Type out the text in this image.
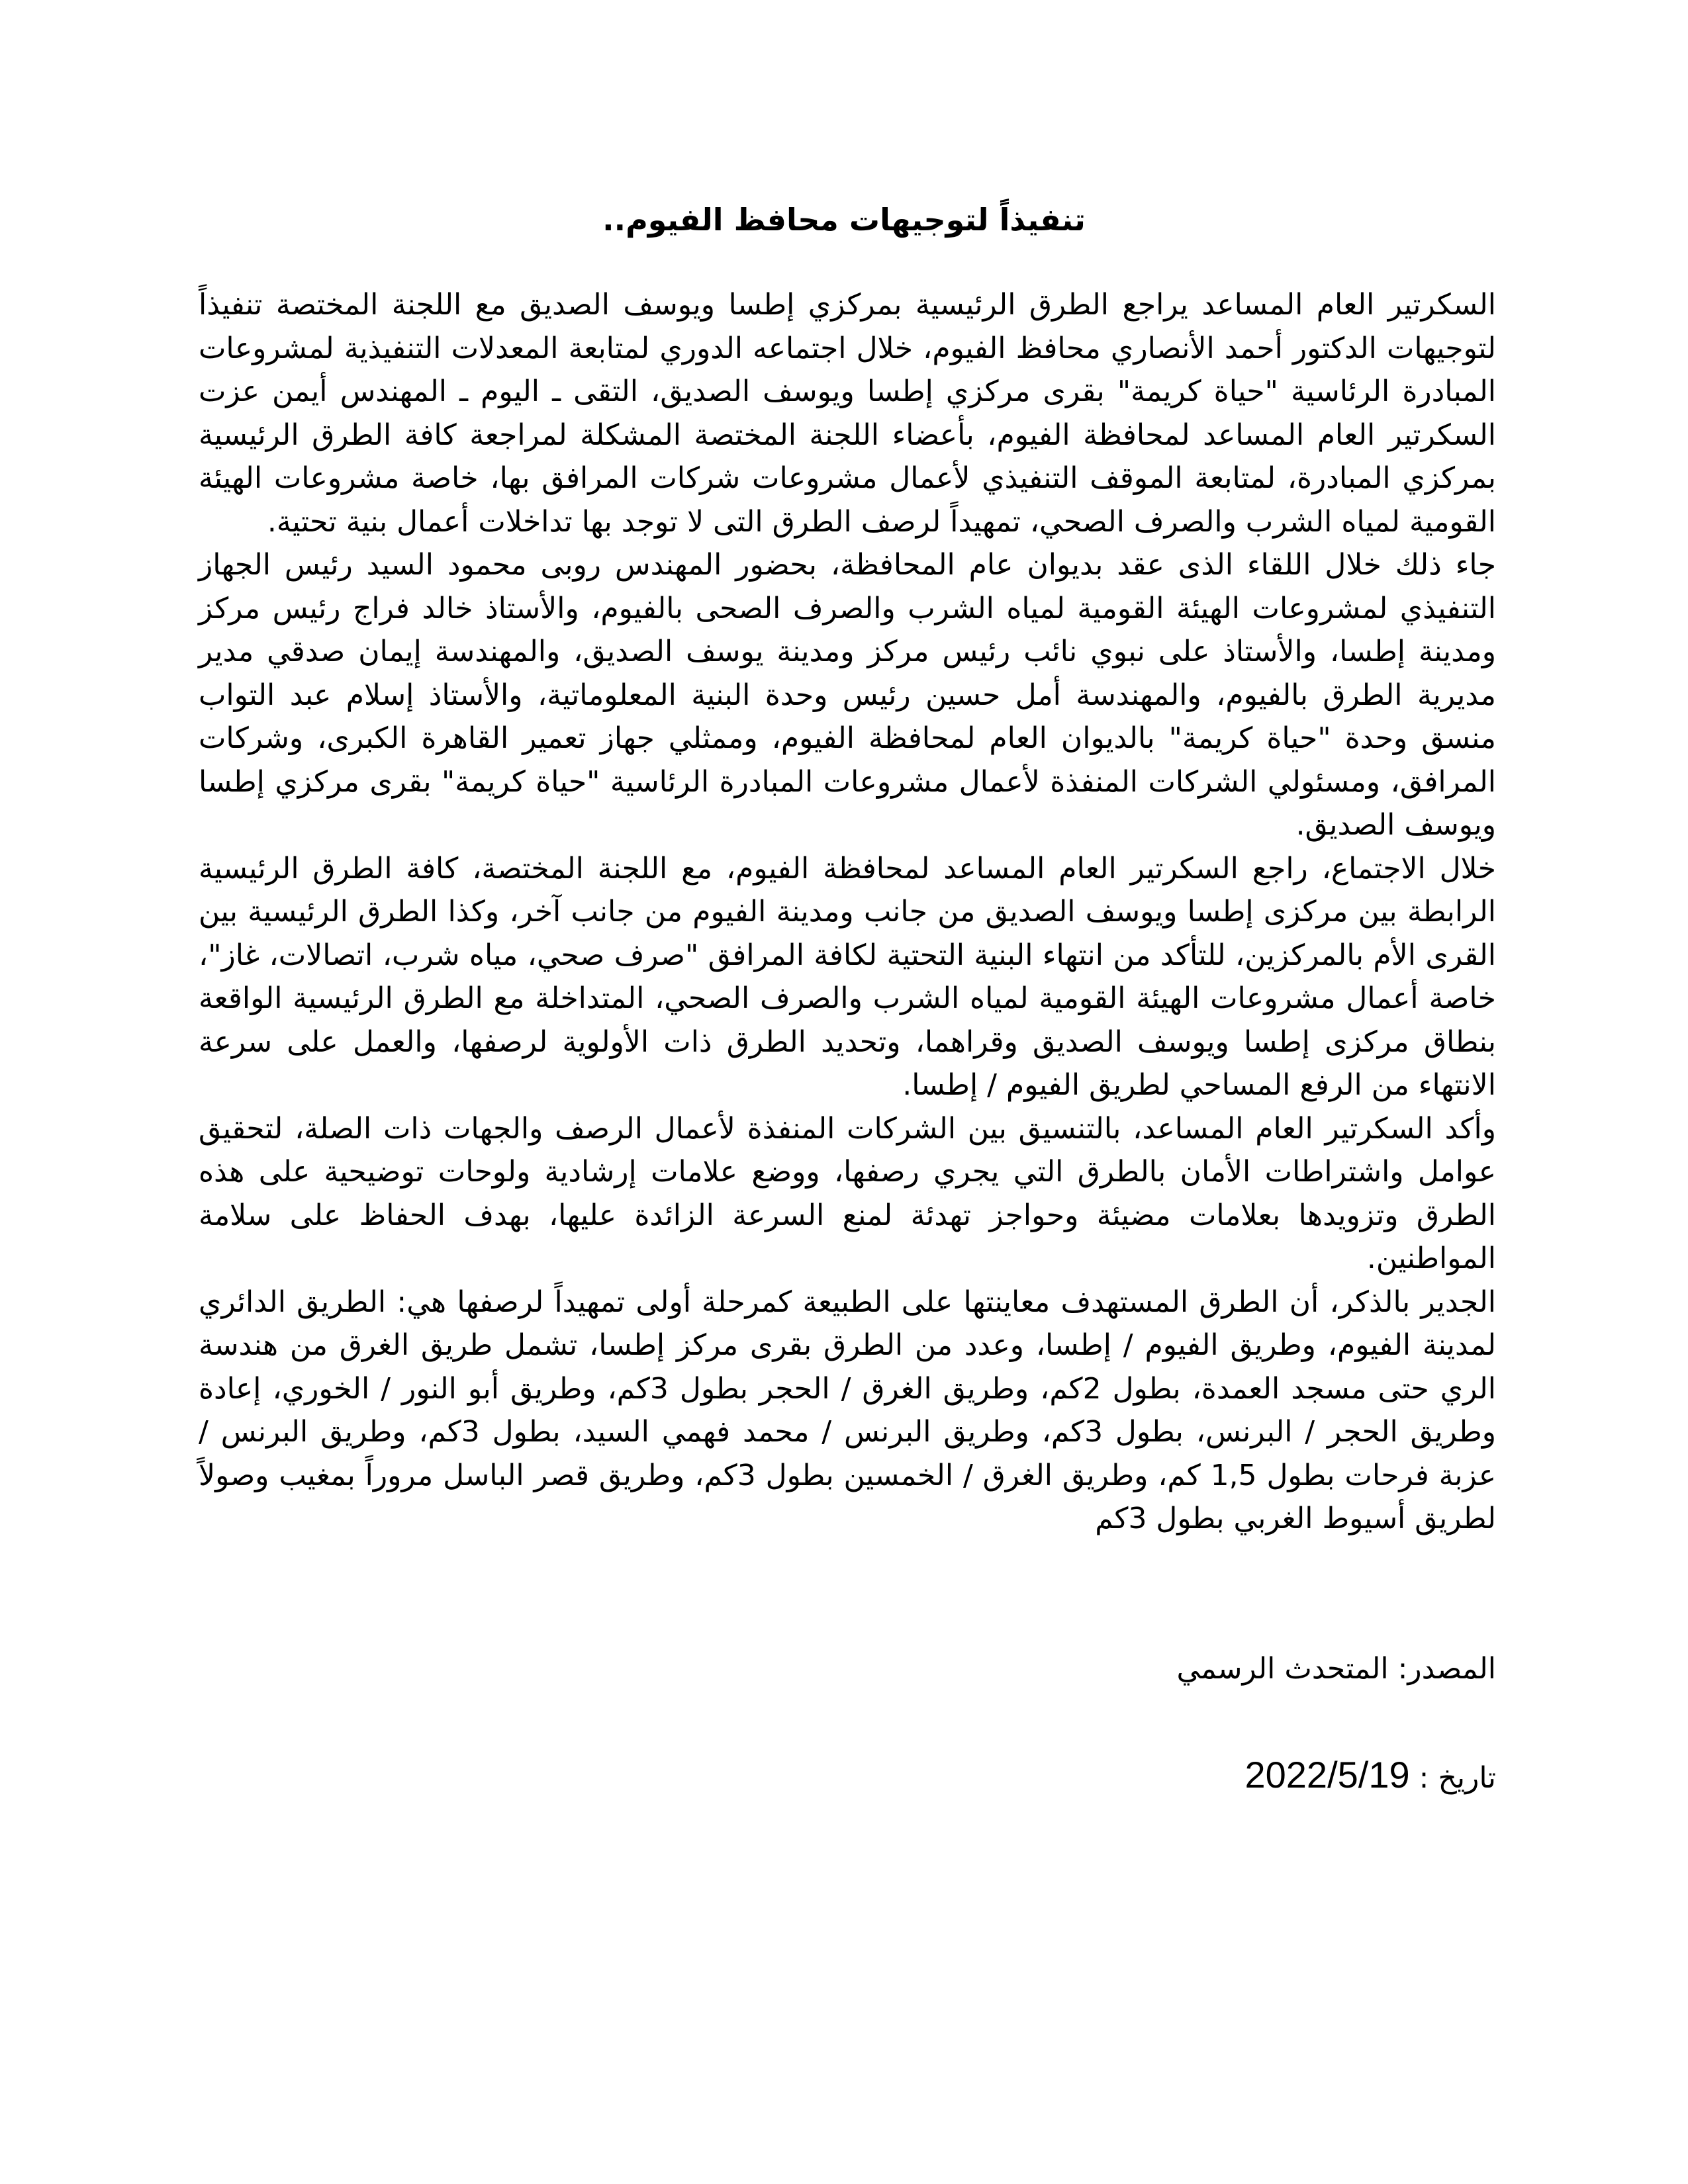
تنفيذاً لتوجيهات محافظ الفيوم..

السكرتير العام المساعد يراجع الطرق الرئيسية بمركزي إطسا ويوسف الصديق مع اللجنة المختصة تنفيذاً لتوجيهات الدكتور أحمد الأنصاري محافظ الفيوم، خلال اجتماعه الدوري لمتابعة المعدلات التنفيذية لمشروعات المبادرة الرئاسية "حياة كريمة" بقرى مركزي إطسا ويوسف الصديق، التقى ـ اليوم ـ المهندس أيمن عزت السكرتير العام المساعد لمحافظة الفيوم، بأعضاء اللجنة المختصة المشكلة لمراجعة كافة الطرق الرئيسية بمركزي المبادرة، لمتابعة الموقف التنفيذي لأعمال مشروعات شركات المرافق بها، خاصة مشروعات الهيئة القومية لمياه الشرب والصرف الصحي، تمهيداً لرصف الطرق التى لا توجد بها تداخلات أعمال بنية تحتية.

جاء ذلك خلال اللقاء الذى عقد بديوان عام المحافظة، بحضور المهندس روبى محمود السيد رئيس الجهاز التنفيذي لمشروعات الهيئة القومية لمياه الشرب والصرف الصحى بالفيوم، والأستاذ خالد فراج رئيس مركز ومدينة إطسا، والأستاذ على نبوي نائب رئيس مركز ومدينة يوسف الصديق، والمهندسة إيمان صدقي مدير مديرية الطرق بالفيوم، والمهندسة أمل حسين رئيس وحدة البنية المعلوماتية، والأستاذ إسلام عبد التواب منسق وحدة "حياة كريمة" بالديوان العام لمحافظة الفيوم، وممثلي جهاز تعمير القاهرة الكبرى، وشركات المرافق، ومسئولي الشركات المنفذة لأعمال مشروعات المبادرة الرئاسية "حياة كريمة" بقرى مركزي إطسا ويوسف الصديق.

خلال الاجتماع، راجع السكرتير العام المساعد لمحافظة الفيوم، مع اللجنة المختصة، كافة الطرق الرئيسية الرابطة بين مركزى إطسا ويوسف الصديق من جانب ومدينة الفيوم من جانب آخر، وكذا الطرق الرئيسية بين القرى الأم بالمركزين، للتأكد من انتهاء البنية التحتية لكافة المرافق "صرف صحي، مياه شرب، اتصالات، غاز"، خاصة أعمال مشروعات الهيئة القومية لمياه الشرب والصرف الصحي، المتداخلة مع الطرق الرئيسية الواقعة بنطاق مركزى إطسا ويوسف الصديق وقراهما، وتحديد الطرق ذات الأولوية لرصفها، والعمل على سرعة الانتهاء من الرفع المساحي لطريق الفيوم / إطسا.

وأكد السكرتير العام المساعد، بالتنسيق بين الشركات المنفذة لأعمال الرصف والجهات ذات الصلة، لتحقيق عوامل واشتراطات الأمان بالطرق التي يجري رصفها، ووضع علامات إرشادية ولوحات توضيحية على هذه الطرق وتزويدها بعلامات مضيئة وحواجز تهدئة لمنع السرعة الزائدة عليها، بهدف الحفاظ على سلامة المواطنين.

الجدير بالذكر، أن الطرق المستهدف معاينتها على الطبيعة كمرحلة أولى تمهيداً لرصفها هي: الطريق الدائري لمدينة الفيوم، وطريق الفيوم / إطسا، وعدد من الطرق بقرى مركز إطسا، تشمل طريق الغرق من هندسة الري حتى مسجد العمدة، بطول 2كم، وطريق الغرق / الحجر بطول 3كم، وطريق أبو النور / الخوري، إعادة وطريق الحجر / البرنس، بطول 3كم، وطريق البرنس / محمد فهمي السيد، بطول 3كم، وطريق البرنس / عزبة فرحات بطول 1,5 كم، وطريق الغرق / الخمسين بطول 3كم، وطريق قصر الباسل مروراً بمغيب وصولاً لطريق أسيوط الغربي بطول 3كم

المصدر: المتحدث الرسمي

تاريخ : 2022/5/19
